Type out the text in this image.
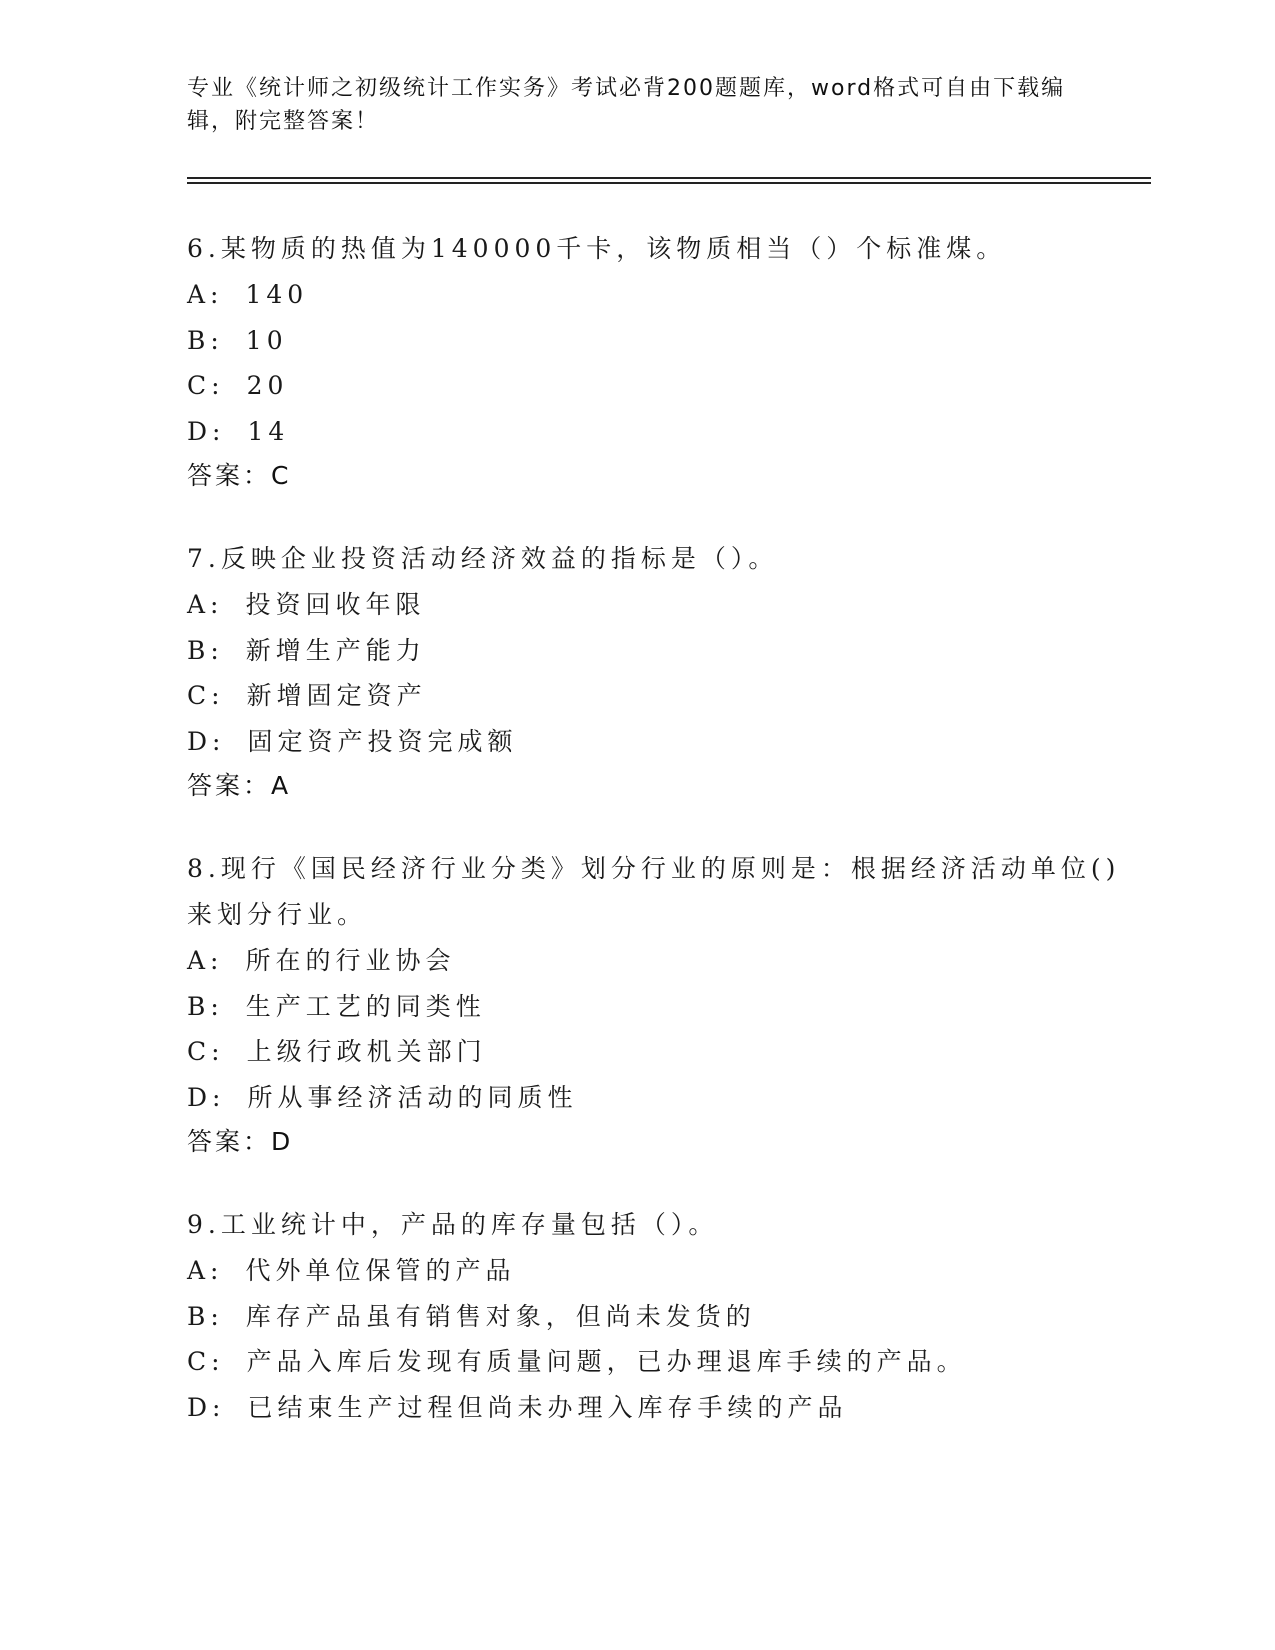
专业《统计师之初级统计工作实务》考试必背200题题库，word格式可自由下载编辑，附完整答案！
6.某物质的热值为140000千卡，该物质相当（）个标准煤。
A: 140
B: 10
C: 20
D: 14
答案：C
7.反映企业投资活动经济效益的指标是（）。
A: 投资回收年限
B: 新增生产能力
C: 新增固定资产
D: 固定资产投资完成额
答案：A
8.现行《国民经济行业分类》划分行业的原则是：根据经济活动单位()来划分行业。
A: 所在的行业协会
B: 生产工艺的同类性
C: 上级行政机关部门
D: 所从事经济活动的同质性
答案：D
9.工业统计中，产品的库存量包括（）。
A: 代外单位保管的产品
B: 库存产品虽有销售对象，但尚未发货的
C: 产品入库后发现有质量问题，已办理退库手续的产品。
D: 已结束生产过程但尚未办理入库存手续的产品
